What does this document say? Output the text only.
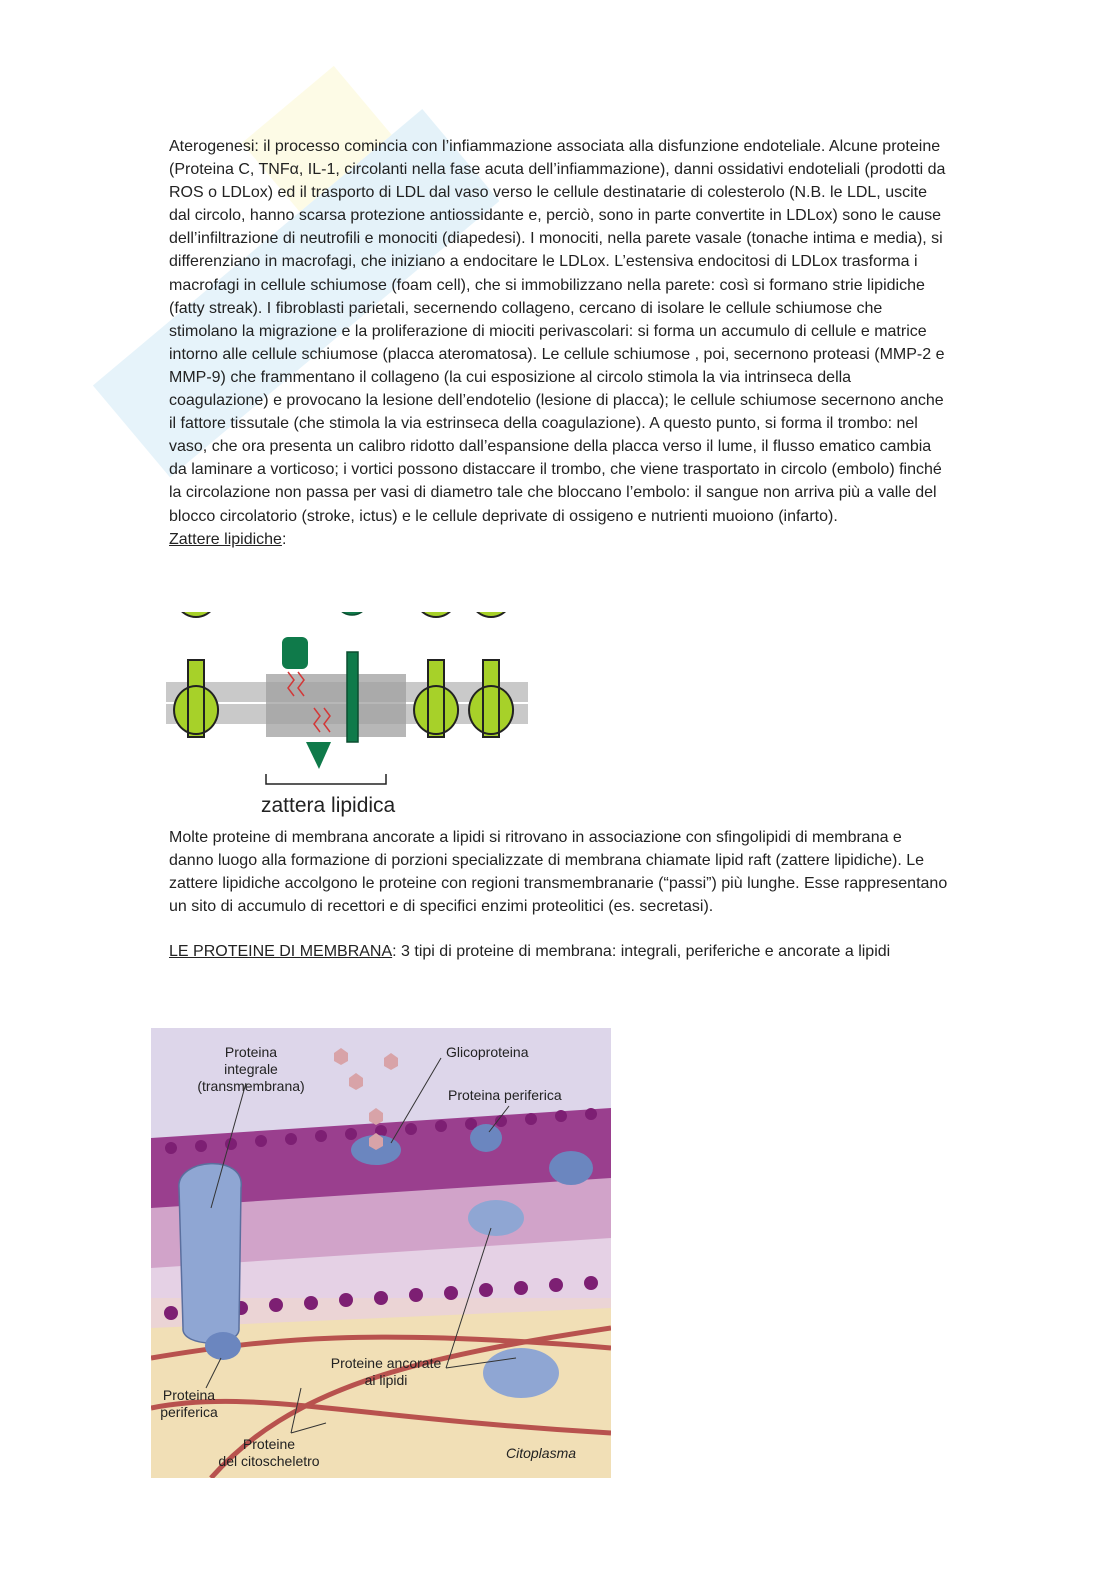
Aterogenesi: il processo comincia con l’infiammazione associata alla disfunzione endoteliale. Alcune proteine (Proteina C, TNFα, IL-1, circolanti nella fase acuta dell’infiammazione), danni ossidativi endoteliali (prodotti da ROS o LDLox) ed il trasporto di LDL dal vaso verso le cellule destinatarie di colesterolo (N.B. le LDL, uscite dal circolo, hanno scarsa protezione antiossidante e, perciò, sono in parte convertite in LDLox) sono le cause dell’infiltrazione di neutrofili e monociti (diapedesi). I monociti, nella parete vasale (tonache intima e media), si differenziano in macrofagi, che iniziano a endocitare le LDLox. L’estensiva endocitosi di LDLox trasforma i macrofagi in cellule schiumose (foam cell), che si immobilizzano nella parete: così si formano strie lipidiche (fatty streak). I fibroblasti parietali, secernendo collageno, cercano di isolare le cellule schiumose che stimolano la migrazione e la proliferazione di miociti perivascolari: si forma un accumulo di cellule e matrice intorno alle cellule schiumose (placca ateromatosa). Le cellule schiumose , poi, secernono proteasi (MMP-2 e MMP-9) che frammentano il collageno (la cui esposizione al circolo stimola la via intrinseca della coagulazione) e provocano la lesione dell’endotelio (lesione di placca); le cellule schiumose secernono anche il fattore tissutale (che stimola la via estrinseca della coagulazione). A questo punto, si forma il trombo: nel vaso, che ora presenta un calibro ridotto dall’espansione della placca verso il lume, il flusso ematico cambia da laminare a vorticoso; i vortici possono distaccare il trombo, che viene trasportato in circolo (embolo) finché la circolazione non passa per vasi di diametro tale che bloccano l’embolo: il sangue non arriva più a valle del blocco circolatorio (stroke, ictus) e le cellule deprivate di ossigeno e nutrienti muoiono (infarto).

Zattere lipidiche:

zattera lipidica

Molte proteine di membrana ancorate a lipidi si ritrovano in associazione con sfingolipidi di membrana e danno luogo alla formazione di porzioni specializzate di membrana chiamate lipid raft (zattere lipidiche). Le zattere lipidiche accolgono le proteine con regioni transmembranarie (“passi”) più lunghe. Esse rappresentano un sito di accumulo di recettori e di specifici enzimi proteolitici (es. secretasi).

LE PROTEINE DI MEMBRANA: 3 tipi di proteine di membrana: integrali, periferiche e ancorate a lipidi

Proteina
integrale
(transmembrana)
Glicoproteina
Proteina periferica
Proteine ancorate
ai lipidi
Proteina
periferica
Proteine
del citoscheletro	Citoplasma
